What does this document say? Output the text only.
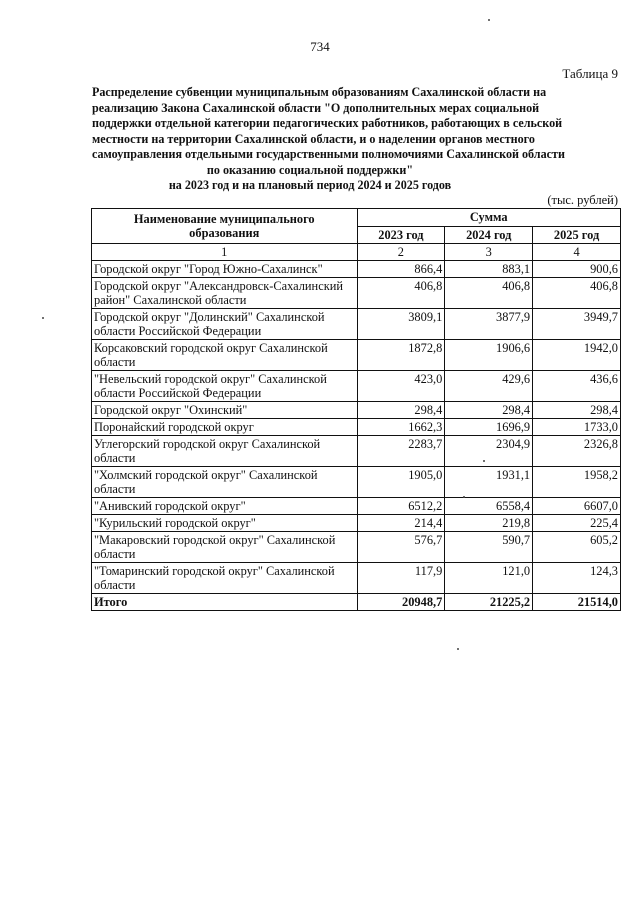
734
Таблица 9
Распределение субвенции муниципальным образованиям Сахалинской области на
реализацию Закона Сахалинской области "О дополнительных мерах социальной
поддержки отдельной категории педагогических работников, работающих в сельской
местности на территории Сахалинской области, и о наделении органов местного
самоуправления отдельными государственными полномочиями Сахалинской области
по оказанию социальной поддержки"
на 2023 год и на плановый период 2024 и 2025 годов
(тыс. рублей)
Наименование муниципального образования	Сумма		
	2023 год	2024 год	2025 год
1	2	3	4
Городской округ "Город Южно-Сахалинск"	866,4	883,1	900,6
Городской округ "Александровск-Сахалинский район" Сахалинской области	406,8	406,8	406,8
Городской округ "Долинский" Сахалинской области Российской Федерации	3809,1	3877,9	3949,7
Корсаковский городской округ Сахалинской области	1872,8	1906,6	1942,0
"Невельский городской округ" Сахалинской области Российской Федерации	423,0	429,6	436,6
Городской округ "Охинский"	298,4	298,4	298,4
Поронайский городской округ	1662,3	1696,9	1733,0
Углегорский городской округ Сахалинской области	2283,7	2304,9	2326,8
"Холмский городской округ" Сахалинской области	1905,0	1931,1	1958,2
"Анивский городской округ"	6512,2	6558,4	6607,0
"Курильский городской округ"	214,4	219,8	225,4
"Макаровский городской округ" Сахалинской области	576,7	590,7	605,2
"Томаринский городской округ" Сахалинской области	117,9	121,0	124,3
Итого	20948,7	21225,2	21514,0
